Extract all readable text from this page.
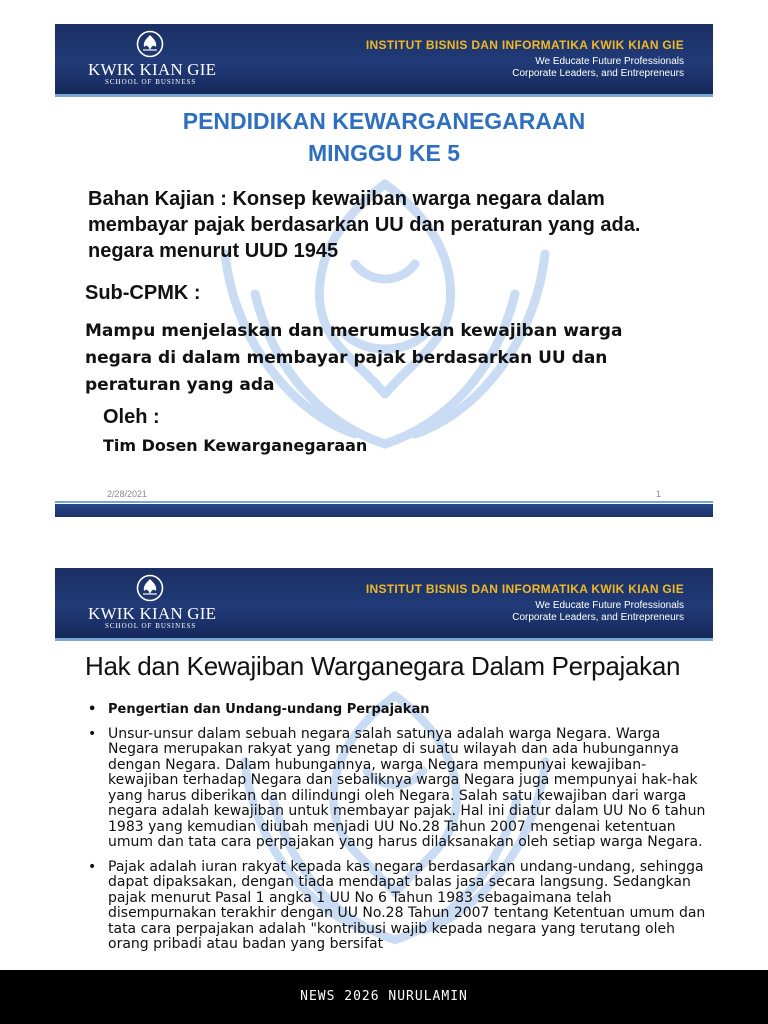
KWIK KIAN GIE
SCHOOL OF BUSINESS
INSTITUT BISNIS DAN INFORMATIKA KWIK KIAN GIE
We Educate Future Professionals
Corporate Leaders, and Entrepreneurs
PENDIDIKAN KEWARGANEGARAAN
MINGGU KE 5
Bahan Kajian : Konsep kewajiban warga negara dalam membayar pajak berdasarkan UU dan peraturan yang ada. negara menurut UUD 1945
Sub-CPMK :
Mampu menjelaskan dan merumuskan kewajiban warga negara di dalam membayar pajak berdasarkan UU dan peraturan yang ada
Oleh :
Tim Dosen Kewarganegaraan
2/28/2021	1
KWIK KIAN GIE
SCHOOL OF BUSINESS
INSTITUT BISNIS DAN INFORMATIKA KWIK KIAN GIE
We Educate Future Professionals
Corporate Leaders, and Entrepreneurs
Hak dan Kewajiban Warganegara Dalam Perpajakan
• Pengertian dan Undang-undang Perpajakan
• Unsur-unsur dalam sebuah negara salah satunya adalah warga Negara. Warga Negara merupakan rakyat yang menetap di suatu wilayah dan ada hubungannya dengan Negara. Dalam hubungannya, warga Negara mempunyai kewajiban-kewajiban terhadap Negara dan sebaliknya warga Negara juga mempunyai hak-hak yang harus diberikan dan dilindungi oleh Negara. Salah satu kewajiban dari warga negara adalah kewajiban untuk membayar pajak. Hal ini diatur dalam UU No 6 tahun 1983 yang kemudian diubah menjadi UU No.28 Tahun 2007 mengenai ketentuan umum dan tata cara perpajakan yang harus dilaksanakan oleh setiap warga Negara.
• Pajak adalah iuran rakyat kepada kas negara berdasarkan undang-undang, sehingga dapat dipaksakan, dengan tiada mendapat balas jasa secara langsung. Sedangkan pajak menurut Pasal 1 angka 1 UU No 6 Tahun 1983 sebagaimana telah disempurnakan terakhir dengan UU No.28 Tahun 2007 tentang Ketentuan umum dan tata cara perpajakan adalah "kontribusi wajib kepada negara yang terutang oleh orang pribadi atau badan yang bersifat
NEWS 2026 NURULAMIN
